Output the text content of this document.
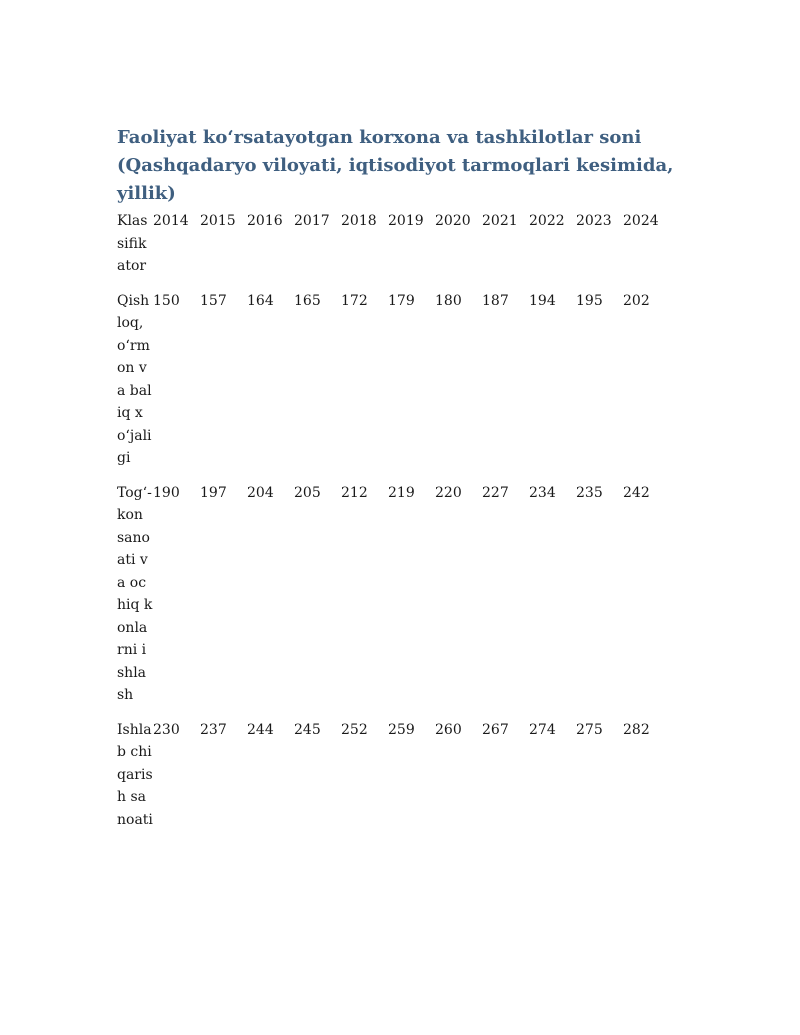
Faoliyat ko‘rsatayotgan korxona va tashkilotlar soni (Qashqadaryo viloyati, iqtisodiyot tarmoqlari kesimida, yillik)
Klassifikator	2014	2015	2016	2017	2018	2019	2020	2021	2022	2023	2024
Qishloq, o‘rmon va baliq xo‘jaligi	150	157	164	165	172	179	180	187	194	195	202
Tog‘-kon sanoati va ochiq konlarni ishlash	190	197	204	205	212	219	220	227	234	235	242
Ishlab chiqarish sanoati	230	237	244	245	252	259	260	267	274	275	282
